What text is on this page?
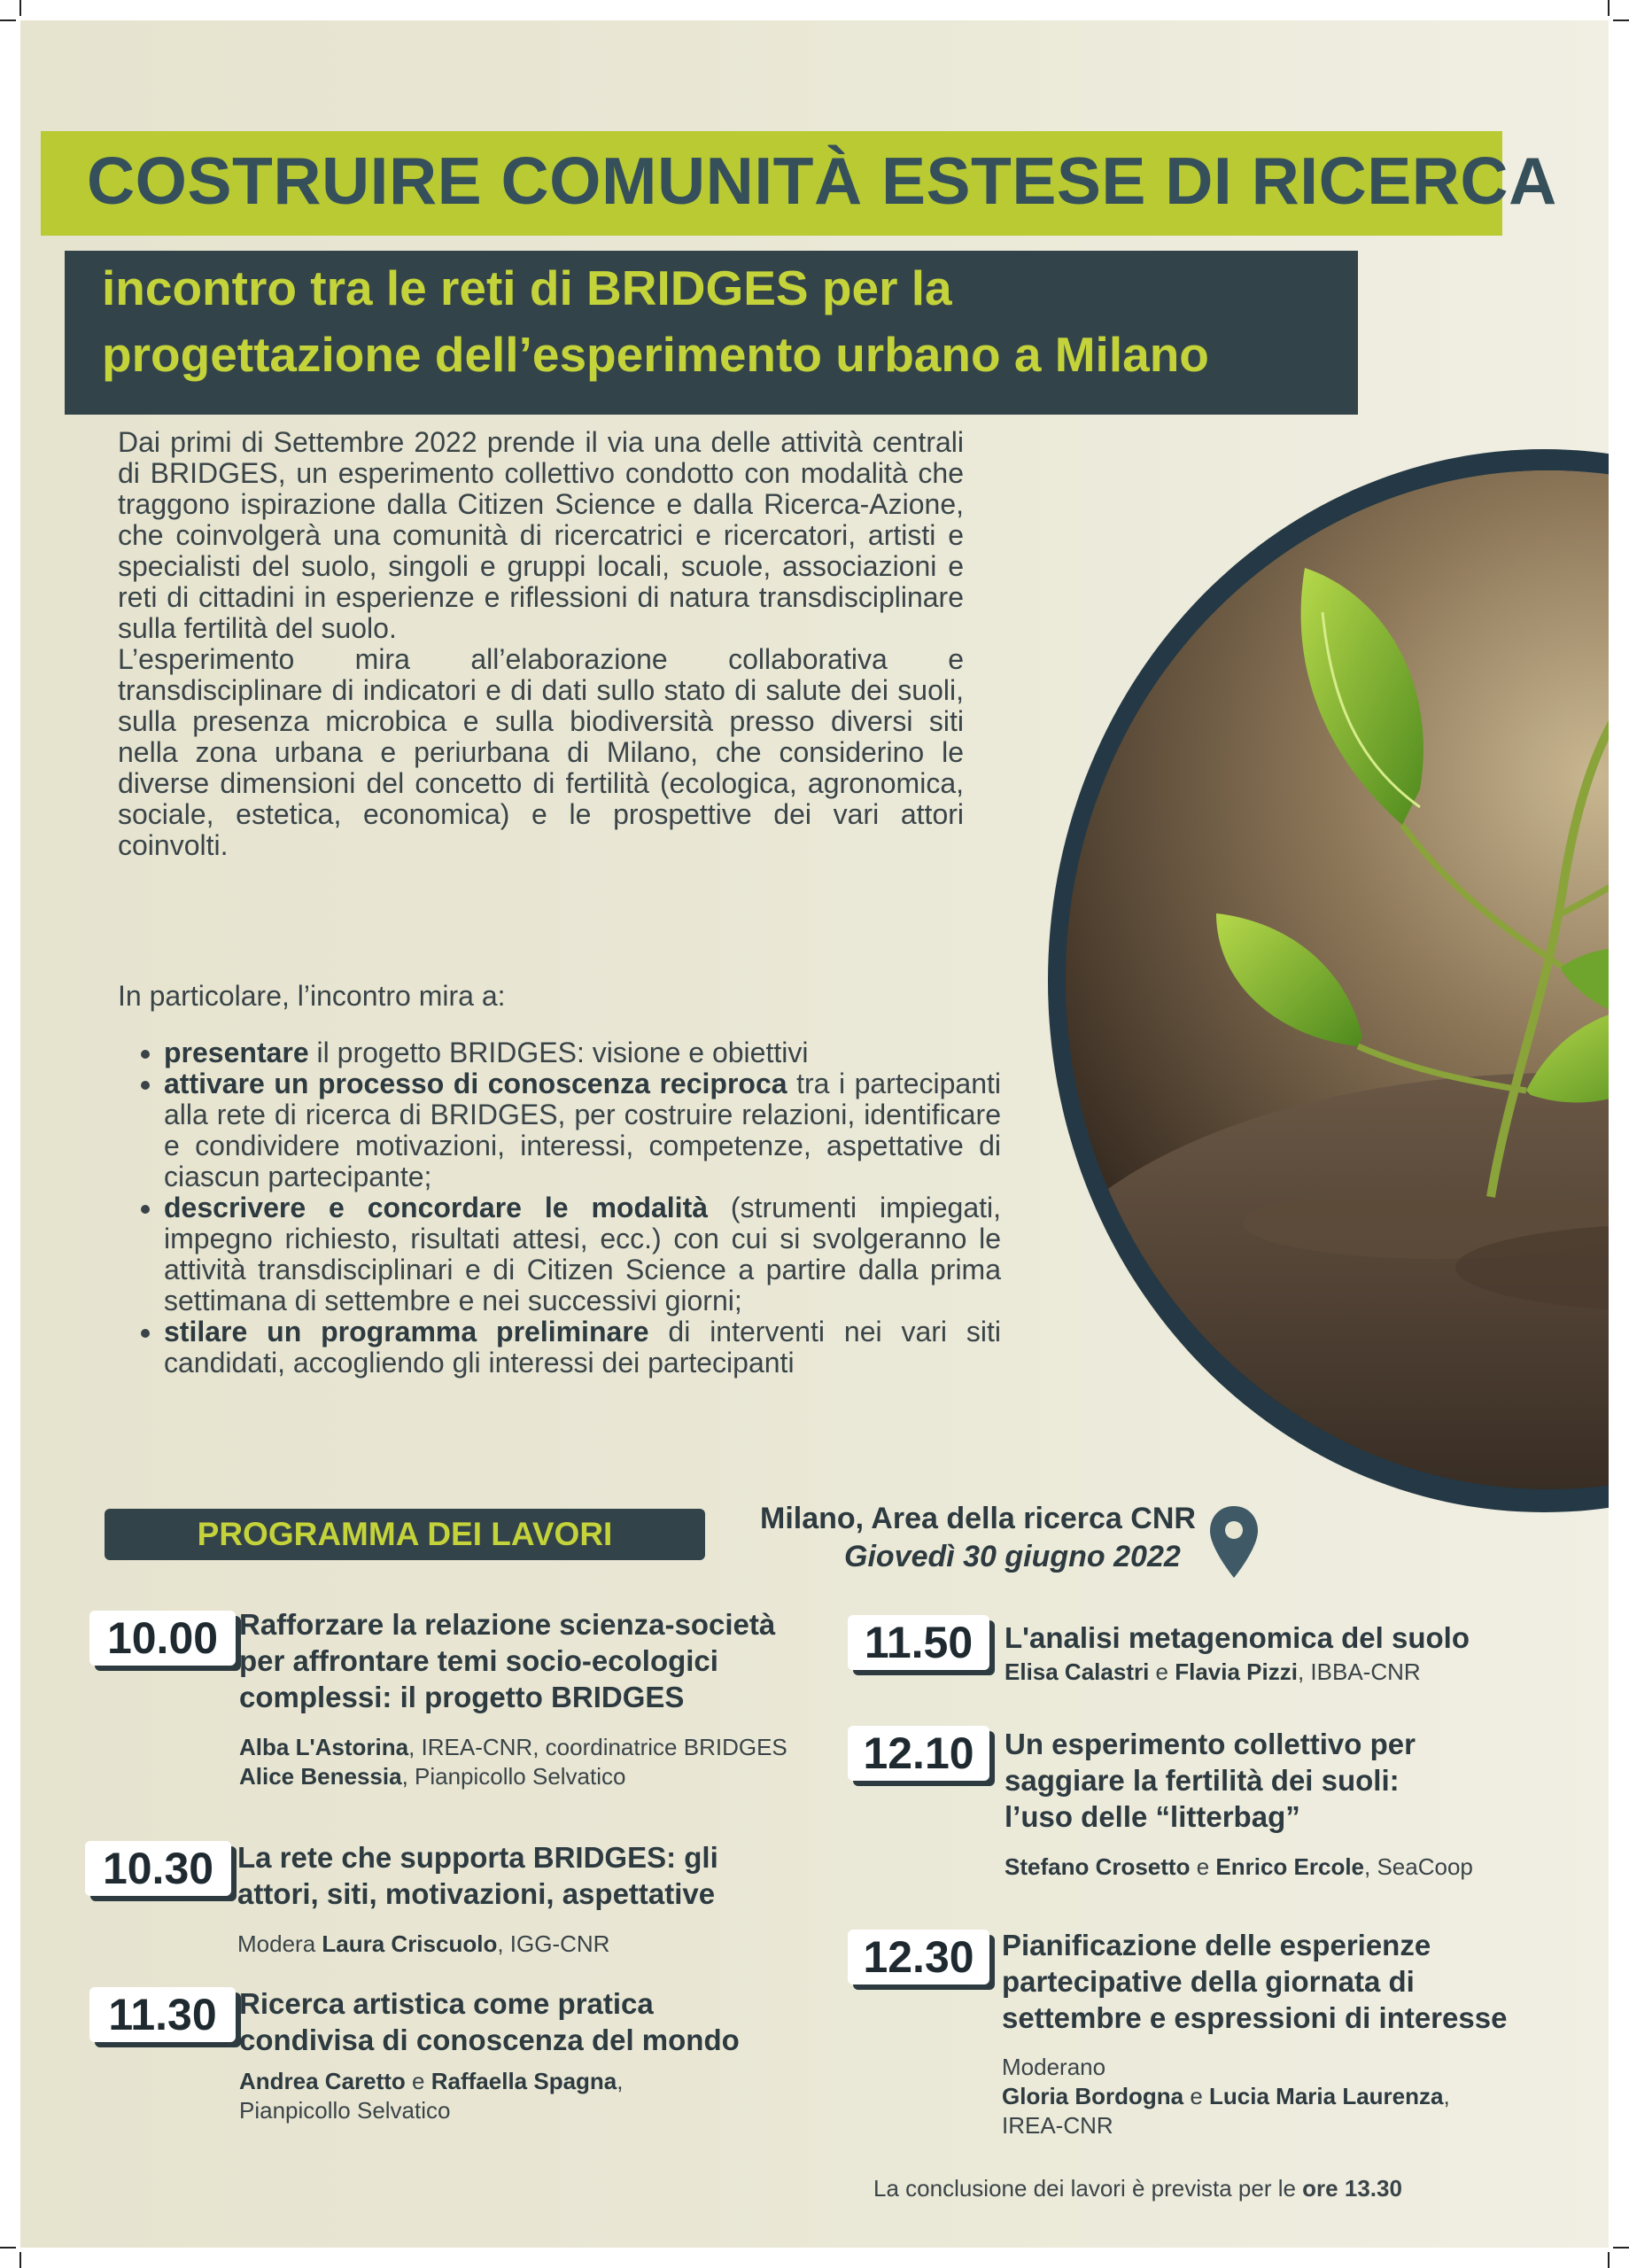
COSTRUIRE COMUNITÀ ESTESE DI RICERCA
incontro tra le reti di BRIDGES per la
progettazione dell’esperimento urbano a Milano

Dai primi di Settembre 2022 prende il via una delle attività centrali di BRIDGES, un esperimento collettivo condotto con modalità che traggono ispirazione dalla Citizen Science e dalla Ricerca-Azione, che coinvolgerà una comunità di ricercatrici e ricercatori, artisti e specialisti del suolo, singoli e gruppi locali, scuole, associazioni e reti di cittadini in esperienze e riflessioni di natura transdisciplinare sulla fertilità del suolo.

L’esperimento mira all’elaborazione collaborativa e transdisciplinare di indicatori e di dati sullo stato di salute dei suoli, sulla presenza microbica e sulla biodiversità presso diversi siti nella zona urbana e periurbana di Milano, che considerino le diverse dimensioni del concetto di fertilità (ecologica, agronomica, sociale, estetica, economica) e le prospettive dei vari attori coinvolti.

In particolare, l’incontro mira a:
• presentare il progetto BRIDGES: visione e obiettivi
• attivare un processo di conoscenza reciproca tra i partecipanti alla rete di ricerca di BRIDGES, per costruire relazioni, identificare e condividere motivazioni, interessi, competenze, aspettative di ciascun partecipante;
• descrivere e concordare le modalità (strumenti impiegati, impegno richiesto, risultati attesi, ecc.) con cui si svolgeranno le attività transdisciplinari e di Citizen Science a partire dalla prima settimana di settembre e nei successivi giorni;
• stilare un programma preliminare di interventi nei vari siti candidati, accogliendo gli interessi dei partecipanti
PROGRAMMA DEI LAVORI	Milano, Area della ricerca CNR
Giovedì 30 giugno 2022
10.00 Rafforzare la relazione scienza-società
per affrontare temi socio-ecologici
complessi: il progetto BRIDGES
Alba L'Astorina, IREA-CNR, coordinatrice BRIDGES
Alice Benessia, Pianpicollo Selvatico
10.30 La rete che supporta BRIDGES: gli
attori, siti, motivazioni, aspettative
Modera Laura Criscuolo, IGG-CNR
11.30 Ricerca artistica come pratica
condivisa di conoscenza del mondo
Andrea Caretto e Raffaella Spagna,
Pianpicollo Selvatico
11.50	L'analisi metagenomica del suolo
Elisa Calastri e Flavia Pizzi, IBBA-CNR
12.10	Un esperimento collettivo per
saggiare la fertilità dei suoli:
l’uso delle “litterbag”
Stefano Crosetto e Enrico Ercole, SeaCoop
12.30 Pianificazione delle esperienze
partecipative della giornata di
settembre e espressioni di interesse
Moderano
Gloria Bordogna e Lucia Maria Laurenza,
IREA-CNR
La conclusione dei lavori è prevista per le ore 13.30
